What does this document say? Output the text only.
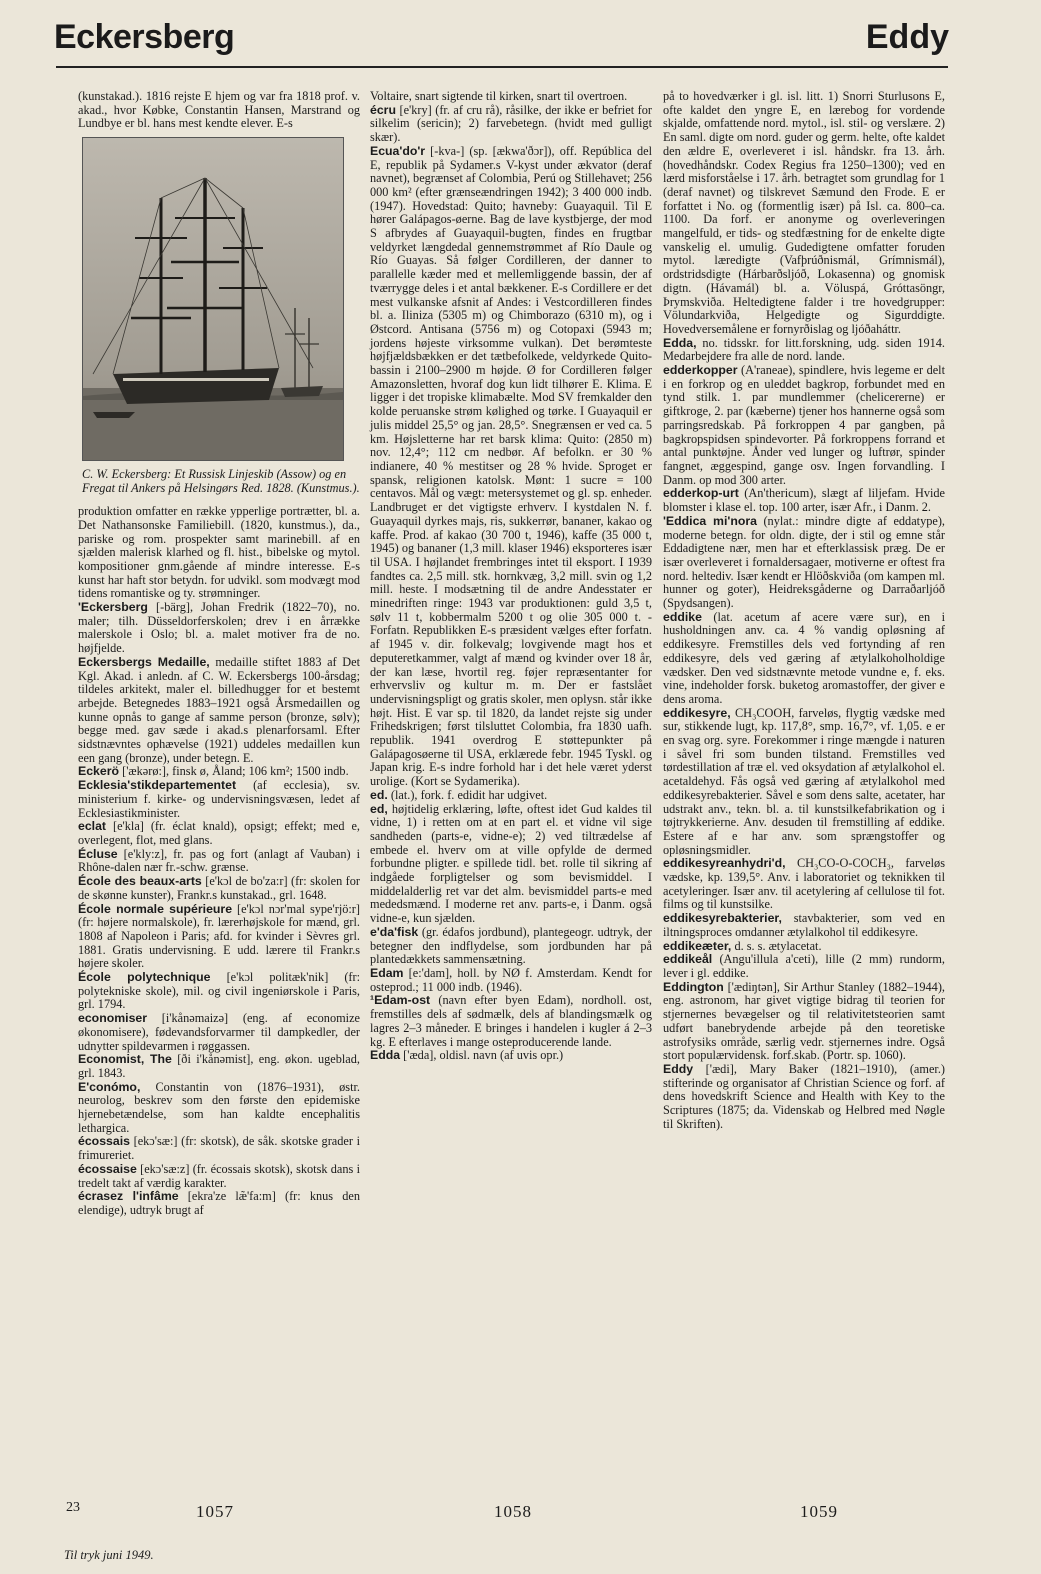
Eckersberg	Eddy

(kunstakad.). 1816 rejste E hjem og var fra 1818 prof. v. akad., hvor Købke, Constantin Hansen, Marstrand og Lundbye er bl. hans mest kendte elever. E-s

C. W. Eckersberg: Et Russisk Linjeskib (Assow) og en Fregat til Ankers på Helsingørs Red. 1828. (Kunstmus.).

produktion omfatter en række ypperlige portrætter, bl. a. Det Nathansonske Familiebill. (1820, kunstmus.), da., pariske og rom. prospekter samt marinebill. af en sjælden malerisk klarhed og fl. hist., bibelske og mytol. kompositioner gnm.gående af mindre interesse. E-s kunst har haft stor betydn. for udvikl. som modvægt mod tidens romantiske og ty. strømninger.

'Eckersberg [-bärg], Johan Fredrik (1822–70), no. maler; tilh. Düsseldorferskolen; drev i en årrække malerskole i Oslo; bl. a. malet motiver fra de no. højfjelde.

Eckersbergs Medaille, medaille stiftet 1883 af Det Kgl. Akad. i anledn. af C. W. Eckersbergs 100-årsdag; tildeles arkitekt, maler el. billedhugger for et bestemt arbejde. Betegnedes 1883–1921 også Årsmedaillen og kunne opnås to gange af samme person (bronze, sølv); begge med. gav sæde i akad.s plenarforsaml. Efter sidstnævntes ophævelse (1921) uddeles medaillen kun een gang (bronze), under betegn. E.

Eckerö ['ækərø:], finsk ø, Åland; 106 km²; 1500 indb.

Ecklesia'stikdepartementet (af ecclesia), sv. ministerium f. kirke- og undervisningsvæsen, ledet af Ecklesiastikminister.

eclat [e'kla] (fr. éclat knald), opsigt; effekt; med e, overlegent, flot, med glans.

Écluse [e'kly:z], fr. pas og fort (anlagt af Vauban) i Rhône-dalen nær fr.-schw. grænse.

École des beaux-arts [e'kɔl de bo'za:r] (fr: skolen for de skønne kunster), Frankr.s kunstakad., grl. 1648.

École normale supérieure [e'kɔl nɔr'mal sype'rjö:r] (fr: højere normalskole), fr. lærerhøjskole for mænd, grl. 1808 af Napoleon i Paris; afd. for kvinder i Sèvres grl. 1881. Gratis undervisning. E udd. lærere til Frankr.s højere skoler.

École polytechnique [e'kɔl politæk'nik] (fr: polytekniske skole), mil. og civil ingeniørskole i Paris, grl. 1794.

economiser [i'kånəmaizə] (eng. af economize økonomisere), fødevandsforvarmer til dampkedler, der udnytter spildevarmen i røggassen.

Economist, The [ði i'kånəmist], eng. økon. ugeblad, grl. 1843.

E'conómo, Constantin von (1876–1931), østr. neurolog, beskrev som den første den epidemiske hjernebetændelse, som han kaldte encephalitis lethargica.

écossais [ekɔ'sæ:] (fr: skotsk), de såk. skotske grader i frimureriet.

écossaise [ekɔ'sæ:z] (fr. écossais skotsk), skotsk dans i tredelt takt af værdig karakter.

écrasez l'infâme [ekra'ze læ̃'fa:m] (fr: knus den elendige), udtryk brugt af

Voltaire, snart sigtende til kirken, snart til overtroen.

écru [e'kry] (fr. af cru rå), råsilke, der ikke er befriet for silkelim (sericin); 2) farvebetegn. (hvidt med gulligt skær).

Ecua'do'r [-kva-] (sp. [ækwa'ðɔr]), off. República del E, republik på Sydamer.s V-kyst under ækvator (deraf navnet), begrænset af Colombia, Perú og Stillehavet; 256 000 km² (efter grænseændringen 1942); 3 400 000 indb. (1947). Hovedstad: Quito; havneby: Guayaquil. Til E hører Galápagos-øerne. Bag de lave kystbjerge, der mod S afbrydes af Guayaquil-bugten, findes en frugtbar veldyrket længdedal gennemstrømmet af Río Daule og Río Guayas. Så følger Cordilleren, der danner to parallelle kæder med et mellemliggende bassin, der af tværrygge deles i et antal bækkener. E-s Cordillere er det mest vulkanske afsnit af Andes: i Vestcordilleren findes bl. a. Iliniza (5305 m) og Chimborazo (6310 m), og i Østcord. Antisana (5756 m) og Cotopaxi (5943 m; jordens højeste virksomme vulkan). Det berømteste højfjældsbækken er det tætbefolkede, veldyrkede Quito-bassin i 2100–2900 m højde. Ø for Cordilleren følger Amazonsletten, hvoraf dog kun lidt tilhører E. Klima. E ligger i det tropiske klimabælte. Mod SV fremkalder den kolde peruanske strøm kølighed og tørke. I Guayaquil er julis middel 25,5° og jan. 28,5°. Snegrænsen er ved ca. 5 km. Højsletterne har ret barsk klima: Quito: (2850 m) nov. 12,4°; 112 cm nedbør. Af befolkn. er 30 % indianere, 40 % mestitser og 28 % hvide. Sproget er spansk, religionen katolsk. Mønt: 1 sucre = 100 centavos. Mål og vægt: metersystemet og gl. sp. enheder. Landbruget er det vigtigste erhverv. I kystdalen N. f. Guayaquil dyrkes majs, ris, sukkerrør, bananer, kakao og kaffe. Prod. af kakao (30 700 t, 1946), kaffe (35 000 t, 1945) og bananer (1,3 mill. klaser 1946) eksporteres især til USA. I højlandet frembringes intet til eksport. I 1939 fandtes ca. 2,5 mill. stk. hornkvæg, 3,2 mill. svin og 1,2 mill. heste. I modsætning til de andre Andesstater er minedriften ringe: 1943 var produktionen: guld 3,5 t, sølv 11 t, kobbermalm 5200 t og olie 305 000 t. - Forfatn. Republikken E-s præsident vælges efter forfatn. af 1945 v. dir. folkevalg; lovgivende magt hos et deputeretkammer, valgt af mænd og kvinder over 18 år, der kan læse, hvortil reg. føjer repræsentanter for erhvervsliv og kultur m. m. Der er fastslået undervisningspligt og gratis skoler, men oplysn. står ikke højt. Hist. E var sp. til 1820, da landet rejste sig under Frihedskrigen; først tilsluttet Colombia, fra 1830 uafh. republik. 1941 overdrog E støttepunkter på Galápagosøerne til USA, erklærede febr. 1945 Tyskl. og Japan krig. E-s indre forhold har i det hele været yderst urolige. (Kort se Sydamerika).

ed. (lat.), fork. f. edidit har udgivet.

ed, højtidelig erklæring, løfte, oftest idet Gud kaldes til vidne, 1) i retten om at en part el. et vidne vil sige sandheden (parts-e, vidne-e); 2) ved tiltrædelse af embede el. hverv om at ville opfylde de dermed forbundne pligter. e spillede tidl. bet. rolle til sikring af indgåede forpligtelser og som bevismiddel. I middelalderlig ret var det alm. bevismiddel parts-e med mededsmænd. I moderne ret anv. parts-e, i Danm. også vidne-e, kun sjælden.

e'da'fisk (gr. édafos jordbund), plantegeogr. udtryk, der betegner den indflydelse, som jordbunden har på plantedækkets sammensætning.

Edam [e:'dam], holl. by NØ f. Amsterdam. Kendt for osteprod.; 11 000 indb. (1946).

¹Edam-ost (navn efter byen Edam), nordholl. ost, fremstilles dels af sødmælk, dels af blandingsmælk og lagres 2–3 måneder. E bringes i handelen i kugler á 2–3 kg. E efterlaves i mange osteproducerende lande.

Edda ['æda], oldisl. navn (af uvis opr.)

på to hovedværker i gl. isl. litt. 1) Snorri Sturlusons E, ofte kaldet den yngre E, en lærebog for vordende skjalde, omfattende nord. mytol., isl. stil- og verslære. 2) En saml. digte om nord. guder og germ. helte, ofte kaldet den ældre E, overleveret i isl. håndskr. fra 13. årh. (hovedhåndskr. Codex Regius fra 1250–1300); ved en lærd misforståelse i 17. årh. betragtet som grundlag for 1 (deraf navnet) og tilskrevet Sæmund den Frode. E er forfattet i No. og (formentlig især) på Isl. ca. 800–ca. 1100. Da forf. er anonyme og overleveringen mangelfuld, er tids- og stedfæstning for de enkelte digte vanskelig el. umulig. Gudedigtene omfatter foruden mytol. læredigte (Vafþrúðnismál, Grímnismál), ordstridsdigte (Hárbarðsljóð, Lokasenna) og gnomisk digtn. (Hávamál) bl. a. Völuspá, Gróttasöngr, Þrymskviða. Heltedigtene falder i tre hovedgrupper: Völundarkviða, Helgedigte og Sigurddigte. Hovedversemålene er fornyrðislag og ljóðaháttr.

Edda, no. tidsskr. for litt.forskning, udg. siden 1914. Medarbejdere fra alle de nord. lande.

edderkopper (A'raneae), spindlere, hvis legeme er delt i en forkrop og en uleddet bagkrop, forbundet med en tynd stilk. 1. par mundlemmer (chelicererne) er giftkroge, 2. par (kæberne) tjener hos hannerne også som parringsredskab. På forkroppen 4 par gangben, på bagkropspidsen spindevorter. På forkroppens forrand et antal punktøjne. Ånder ved lunger og luftrør, spinder fangnet, æggespind, gange osv. Ingen forvandling. I Danm. op mod 300 arter.

edderkop-urt (An'thericum), slægt af liljefam. Hvide blomster i klase el. top. 100 arter, især Afr., i Danm. 2.

'Eddica mi'nora (nylat.: mindre digte af eddatype), moderne betegn. for oldn. digte, der i stil og emne står Eddadigtene nær, men har et efterklassisk præg. De er især overleveret i fornaldersagaer, motiverne er oftest fra nord. heltediv. Især kendt er Hlöðskviða (om kampen ml. hunner og goter), Heidreksgåderne og Darraðarljóð (Spydsangen).

eddike (lat. acetum af acere være sur), en i husholdningen anv. ca. 4 % vandig opløsning af eddikesyre. Fremstilles dels ved fortynding af ren eddikesyre, dels ved gæring af ætylalkoholholdige vædsker. Den ved sidstnævnte metode vundne e, f. eks. vine, indeholder forsk. buketog aromastoffer, der giver e dens aroma.

eddikesyre, CH₃COOH, farveløs, flygtig vædske med sur, stikkende lugt, kp. 117,8°, smp. 16,7°, vf. 1,05. e er en svag org. syre. Forekommer i ringe mængde i naturen i såvel fri som bunden tilstand. Fremstilles ved tørdestillation af træ el. ved oksydation af ætylalkohol el. acetaldehyd. Fås også ved gæring af ætylalkohol med eddikesyrebakterier. Såvel e som dens salte, acetater, har udstrakt anv., tekn. bl. a. til kunstsilkefabrikation og i tøjtrykkerierne. Anv. desuden til fremstilling af eddike. Estere af e har anv. som sprængstoffer og opløsningsmidler.

eddikesyreanhydri'd, CH₃CO-O-COCH₃, farveløs vædske, kp. 139,5°. Anv. i laboratoriet og teknikken til acetyleringer. Især anv. til acetylering af cellulose til fot. films og til kunstsilke.

eddikesyrebakterier, stavbakterier, som ved en iltningsproces omdanner ætylalkohol til eddikesyre.

eddikeæter, d. s. s. ætylacetat.

eddikeål (Angu'illula a'ceti), lille (2 mm) rundorm, lever i gl. eddike.

Eddington ['ædiŋtən], Sir Arthur Stanley (1882–1944), eng. astronom, har givet vigtige bidrag til teorien for stjernernes bevægelser og til relativitetsteorien samt udført banebrydende arbejde på den teoretiske astrofysiks område, særlig vedr. stjernernes indre. Også stort populærvidensk. forf.skab. (Portr. sp. 1060).

Eddy ['ædi], Mary Baker (1821–1910), (amer.) stifterinde og organisator af Christian Science og forf. af dens hovedskrift Science and Health with Key to the Scriptures (1875; da. Videnskab og Helbred med Nøgle til Skriften).

23	1057	1058	1059
Til tryk juni 1949.
